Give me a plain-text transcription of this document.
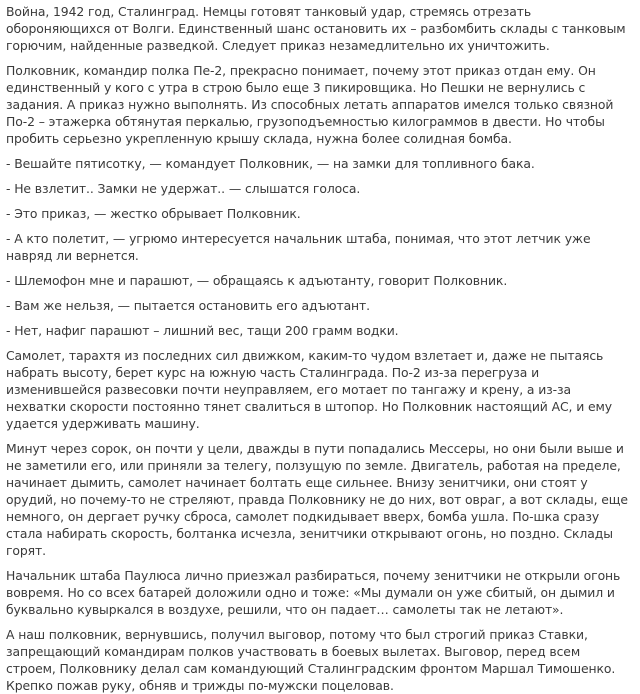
Война, 1942 год, Сталинград. Немцы готовят танковый удар, стремясь отрезать обороняющихся от Волги. Единственный шанс остановить их – разбомбить склады с танковым горючим, найденные разведкой. Следует приказ незамедлительно их уничтожить.

Полковник, командир полка Пе-2, прекрасно понимает, почему этот приказ отдан ему. Он единственный у кого с утра в строю было еще 3 пикировщика. Но Пешки не вернулись с задания. А приказ нужно выполнять. Из способных летать аппаратов имелся только связной По-2 – этажерка обтянутая перкалью, грузоподъемностью килограммов в двести. Но чтобы пробить серьезно укрепленную крышу склада, нужна более солидная бомба.

- Вешайте пятисотку, — командует Полковник, — на замки для топливного бака.

- Не взлетит.. Замки не удержат.. — слышатся голоса.

- Это приказ, — жестко обрывает Полковник.

- А кто полетит, — угрюмо интересуется начальник штаба, понимая, что этот летчик уже навряд ли вернется.

- Шлемофон мне и парашют, — обращаясь к адъютанту, говорит Полковник.

- Вам же нельзя, — пытается остановить его адъютант.

- Нет, нафиг парашют – лишний вес, тащи 200 грамм водки.

Самолет, тарахтя из последних сил движком, каким-то чудом взлетает и, даже не пытаясь набрать высоту, берет курс на южную часть Сталинграда. По-2 из-за перегруза и изменившейся развесовки почти неуправляем, его мотает по тангажу и крену, а из-за нехватки скорости постоянно тянет свалиться в штопор. Но Полковник настоящий АС, и ему удается удерживать машину.

Минут через сорок, он почти у цели, дважды в пути попадались Мессеры, но они были выше и не заметили его, или приняли за телегу, ползущую по земле. Двигатель, работая на пределе, начинает дымить, самолет начинает болтать еще сильнее. Внизу зенитчики, они стоят у орудий, но почему-то не стреляют, правда Полковнику не до них, вот овраг, а вот склады, еще немного, он дергает ручку сброса, самолет подкидывает вверх, бомба ушла. По-шка сразу стала набирать скорость, болтанка исчезла, зенитчики открывают огонь, но поздно. Склады горят.

Начальник штаба Паулюса лично приезжал разбираться, почему зенитчики не открыли огонь вовремя. Но со всех батарей доложили одно и тоже: «Мы думали он уже сбитый, он дымил и буквально кувыркался в воздухе, решили, что он падает… самолеты так не летают».

А наш полковник, вернувшись, получил выговор, потому что был строгий приказ Ставки, запрещающий командирам полков участвовать в боевых вылетах. Выговор, перед всем строем, Полковнику делал сам командующий Сталинградским фронтом Маршал Тимошенко. Крепко пожав руку, обняв и трижды по-мужски поцеловав.
